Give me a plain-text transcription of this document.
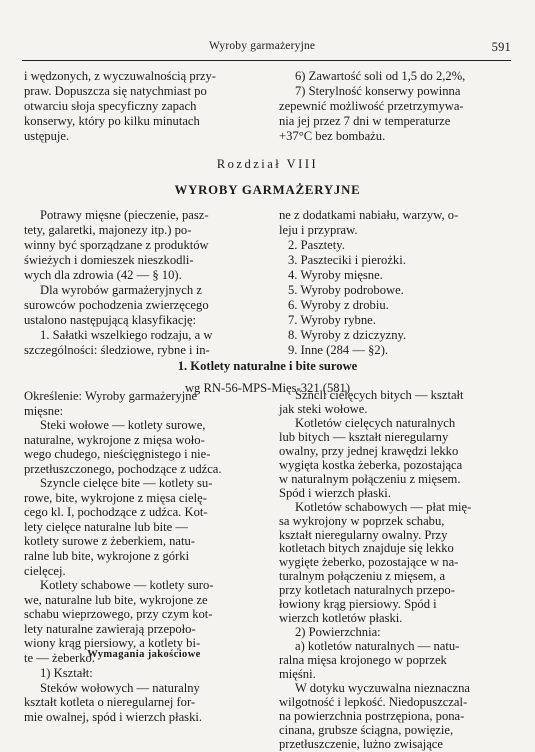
Wyroby garmażeryjne	591

i wędzonych, z wyczuwalnością przy-

praw. Dopuszcza się natychmiast po

otwarciu słoja specyficzny zapach

konserwy, który po kilku minutach

ustępuje.

6) Zawartość soli od 1,5 do 2,2%,

7) Sterylność konserwy powinna

zepewnić możliwość przetrzymywa-

nia jej przez 7 dni w temperaturze

+37°C bez bombażu.

Rozdział VIII
WYROBY GARMAŻERYJNE

Potrawy mięsne (pieczenie, pasz-

tety, galaretki, majonezy itp.) po-

winny być sporządzane z produktów

świeżych i domieszek nieszkodli-

wych dla zdrowia (42 — § 10).

Dla wyrobów garmażeryjnych z

surowców pochodzenia zwierzęcego

ustalono następującą klasyfikację:

1. Sałatki wszelkiego rodzaju, a w

szczególności: śledziowe, rybne i in-

ne z dodatkami nabiału, warzyw, o-

leju i przypraw.

2. Pasztety.
3. Paszteciki i pierożki.
4. Wyroby mięsne.
5. Wyroby podrobowe.
6. Wyroby z drobiu.
7. Wyroby rybne.
8. Wyroby z dziczyzny.
9. Inne (284 — §2).
1. Kotlety naturalne i bite surowe
wg RN-56-MPS-Mięs-321 (581)

Określenie: Wyroby garmażeryjne

mięsne:

Steki wołowe — kotlety surowe,

naturalne, wykrojone z mięsa woło-

wego chudego, nieścięgnistego i nie-

przetłuszczonego, pochodzące z udźca.

Szyncle cielęce bite — kotlety su-

rowe, bite, wykrojone z mięsa cielę-

cego kl. I, pochodzące z udźca. Kot-

lety cielęce naturalne lub bite —

kotlety surowe z żeberkiem, natu-

ralne lub bite, wykrojone z górki

cielęcej.

Kotlety schabowe — kotlety suro-

we, naturalne lub bite, wykrojone ze

schabu wieprzowego, przy czym kot-

lety naturalne zawierają przepoło-

wiony krąg piersiowy, a kotlety bi-

te — żeberko.

Wymagania jakościowe

1) Kształt:

Steków wołowych — naturalny

kształt kotleta o nieregularnej for-

mie owalnej, spód i wierzch płaski.

Szncli cielęcych bitych — kształt

jak steki wołowe.

Kotletów cielęcych naturalnych

lub bitych — kształt nieregularny

owalny, przy jednej krawędzi lekko

wygięta kostka żeberka, pozostająca

w naturalnym połączeniu z mięsem.

Spód i wierzch płaski.

Kotletów schabowych — płat mię-

sa wykrojony w poprzek schabu,

kształt nieregularny owalny. Przy

kotletach bitych znajduje się lekko

wygięte żeberko, pozostające w na-

turalnym połączeniu z mięsem, a

przy kotletach naturalnych przepo-

łowiony krąg piersiowy. Spód i

wierzch kotletów płaski.

2) Powierzchnia:

a) kotletów naturalnych — natu-

ralna mięsa krojonego w poprzek

mięśni.

W dotyku wyczuwalna nieznaczna

wilgotność i lepkość. Niedopuszczal-

na powierzchnia postrzępiona, pona-

cinana, grubsze ściągna, powięzie,

przetłuszczenie, lużno zwisające
